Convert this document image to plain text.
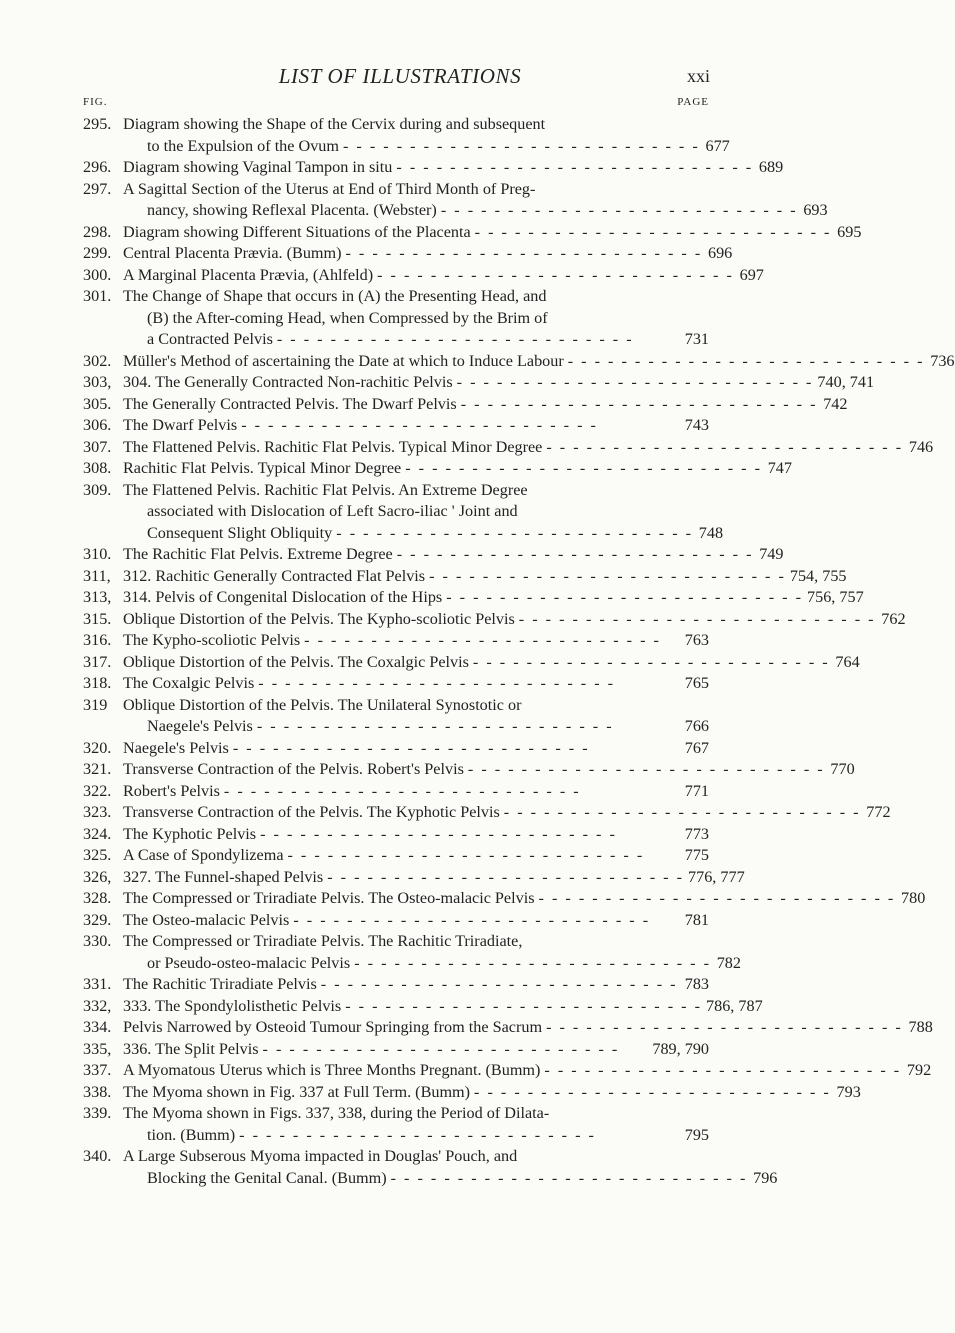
LIST OF ILLUSTRATIONS	xxi
FIG.	PAGE
295. Diagram showing the Shape of the Cervix during and subsequent
to the Expulsion of the Ovum - - - - - - - - - - - - - - - - - - - - - - - - - - - 677
296. Diagram showing Vaginal Tampon in situ - - - - - - - - - - - - - - - - - - - - - - - - - - - 689
297. A Sagittal Section of the Uterus at End of Third Month of Preg-
nancy, showing Reflexal Placenta. (Webster) - - - - - - - - - - - - - - - - - - - - - - - - - - - 693
298. Diagram showing Different Situations of the Placenta - - - - - - - - - - - - - - - - - - - - - - - - - - - 695
299. Central Placenta Prævia. (Bumm) - - - - - - - - - - - - - - - - - - - - - - - - - - - 696
300. A Marginal Placenta Prævia, (Ahlfeld) - - - - - - - - - - - - - - - - - - - - - - - - - - - 697
301. The Change of Shape that occurs in (A) the Presenting Head, and
(B) the After-coming Head, when Compressed by the Brim of
a Contracted Pelvis - - - - - - - - - - - - - - - - - - - - - - - - - - -	731
302. Müller's Method of ascertaining the Date at which to Induce Labour - - - - - - - - - - - - - - - - - - - - - - - - - - - 736
303, 304. The Generally Contracted Non-rachitic Pelvis - - - - - - - - - - - - - - - - - - - - - - - - - - - 740, 741
305. The Generally Contracted Pelvis. The Dwarf Pelvis - - - - - - - - - - - - - - - - - - - - - - - - - - - 742
306. The Dwarf Pelvis - - - - - - - - - - - - - - - - - - - - - - - - - - -	743
307. The Flattened Pelvis. Rachitic Flat Pelvis. Typical Minor Degree - - - - - - - - - - - - - - - - - - - - - - - - - - - 746
308. Rachitic Flat Pelvis. Typical Minor Degree - - - - - - - - - - - - - - - - - - - - - - - - - - - 747
309. The Flattened Pelvis. Rachitic Flat Pelvis. An Extreme Degree
associated with Dislocation of Left Sacro-iliac ' Joint and
Consequent Slight Obliquity - - - - - - - - - - - - - - - - - - - - - - - - - - - 748
310. The Rachitic Flat Pelvis. Extreme Degree - - - - - - - - - - - - - - - - - - - - - - - - - - - 749
311, 312. Rachitic Generally Contracted Flat Pelvis - - - - - - - - - - - - - - - - - - - - - - - - - - - 754, 755
313, 314. Pelvis of Congenital Dislocation of the Hips - - - - - - - - - - - - - - - - - - - - - - - - - - - 756, 757
315. Oblique Distortion of the Pelvis. The Kypho-scoliotic Pelvis - - - - - - - - - - - - - - - - - - - - - - - - - - - 762
316. The Kypho-scoliotic Pelvis - - - - - - - - - - - - - - - - - - - - - - - - - - -	763
317. Oblique Distortion of the Pelvis. The Coxalgic Pelvis - - - - - - - - - - - - - - - - - - - - - - - - - - - 764
318. The Coxalgic Pelvis - - - - - - - - - - - - - - - - - - - - - - - - - - -	765
319 Oblique Distortion of the Pelvis. The Unilateral Synostotic or
Naegele's Pelvis - - - - - - - - - - - - - - - - - - - - - - - - - - -	766
320. Naegele's Pelvis - - - - - - - - - - - - - - - - - - - - - - - - - - -	767
321. Transverse Contraction of the Pelvis. Robert's Pelvis - - - - - - - - - - - - - - - - - - - - - - - - - - - 770
322. Robert's Pelvis - - - - - - - - - - - - - - - - - - - - - - - - - - -	771
323. Transverse Contraction of the Pelvis. The Kyphotic Pelvis - - - - - - - - - - - - - - - - - - - - - - - - - - - 772
324. The Kyphotic Pelvis - - - - - - - - - - - - - - - - - - - - - - - - - - -	773
325. A Case of Spondylizema - - - - - - - - - - - - - - - - - - - - - - - - - - -	775
326, 327. The Funnel-shaped Pelvis - - - - - - - - - - - - - - - - - - - - - - - - - - - 776, 777
328. The Compressed or Triradiate Pelvis. The Osteo-malacic Pelvis - - - - - - - - - - - - - - - - - - - - - - - - - - - 780
329. The Osteo-malacic Pelvis - - - - - - - - - - - - - - - - - - - - - - - - - - -	781
330. The Compressed or Triradiate Pelvis. The Rachitic Triradiate,
or Pseudo-osteo-malacic Pelvis - - - - - - - - - - - - - - - - - - - - - - - - - - - 782
331. The Rachitic Triradiate Pelvis - - - - - - - - - - - - - - - - - - - - - - - - - - - 783
332, 333. The Spondylolisthetic Pelvis - - - - - - - - - - - - - - - - - - - - - - - - - - - 786, 787
334. Pelvis Narrowed by Osteoid Tumour Springing from the Sacrum - - - - - - - - - - - - - - - - - - - - - - - - - - - 788
335, 336. The Split Pelvis - - - - - - - - - - - - - - - - - - - - - - - - - - -	789, 790
337. A Myomatous Uterus which is Three Months Pregnant. (Bumm) - - - - - - - - - - - - - - - - - - - - - - - - - - - 792
338. The Myoma shown in Fig. 337 at Full Term. (Bumm) - - - - - - - - - - - - - - - - - - - - - - - - - - - 793
339. The Myoma shown in Figs. 337, 338, during the Period of Dilata-
tion. (Bumm) - - - - - - - - - - - - - - - - - - - - - - - - - - -	795
340. A Large Subserous Myoma impacted in Douglas' Pouch, and
Blocking the Genital Canal. (Bumm) - - - - - - - - - - - - - - - - - - - - - - - - - - - 796
